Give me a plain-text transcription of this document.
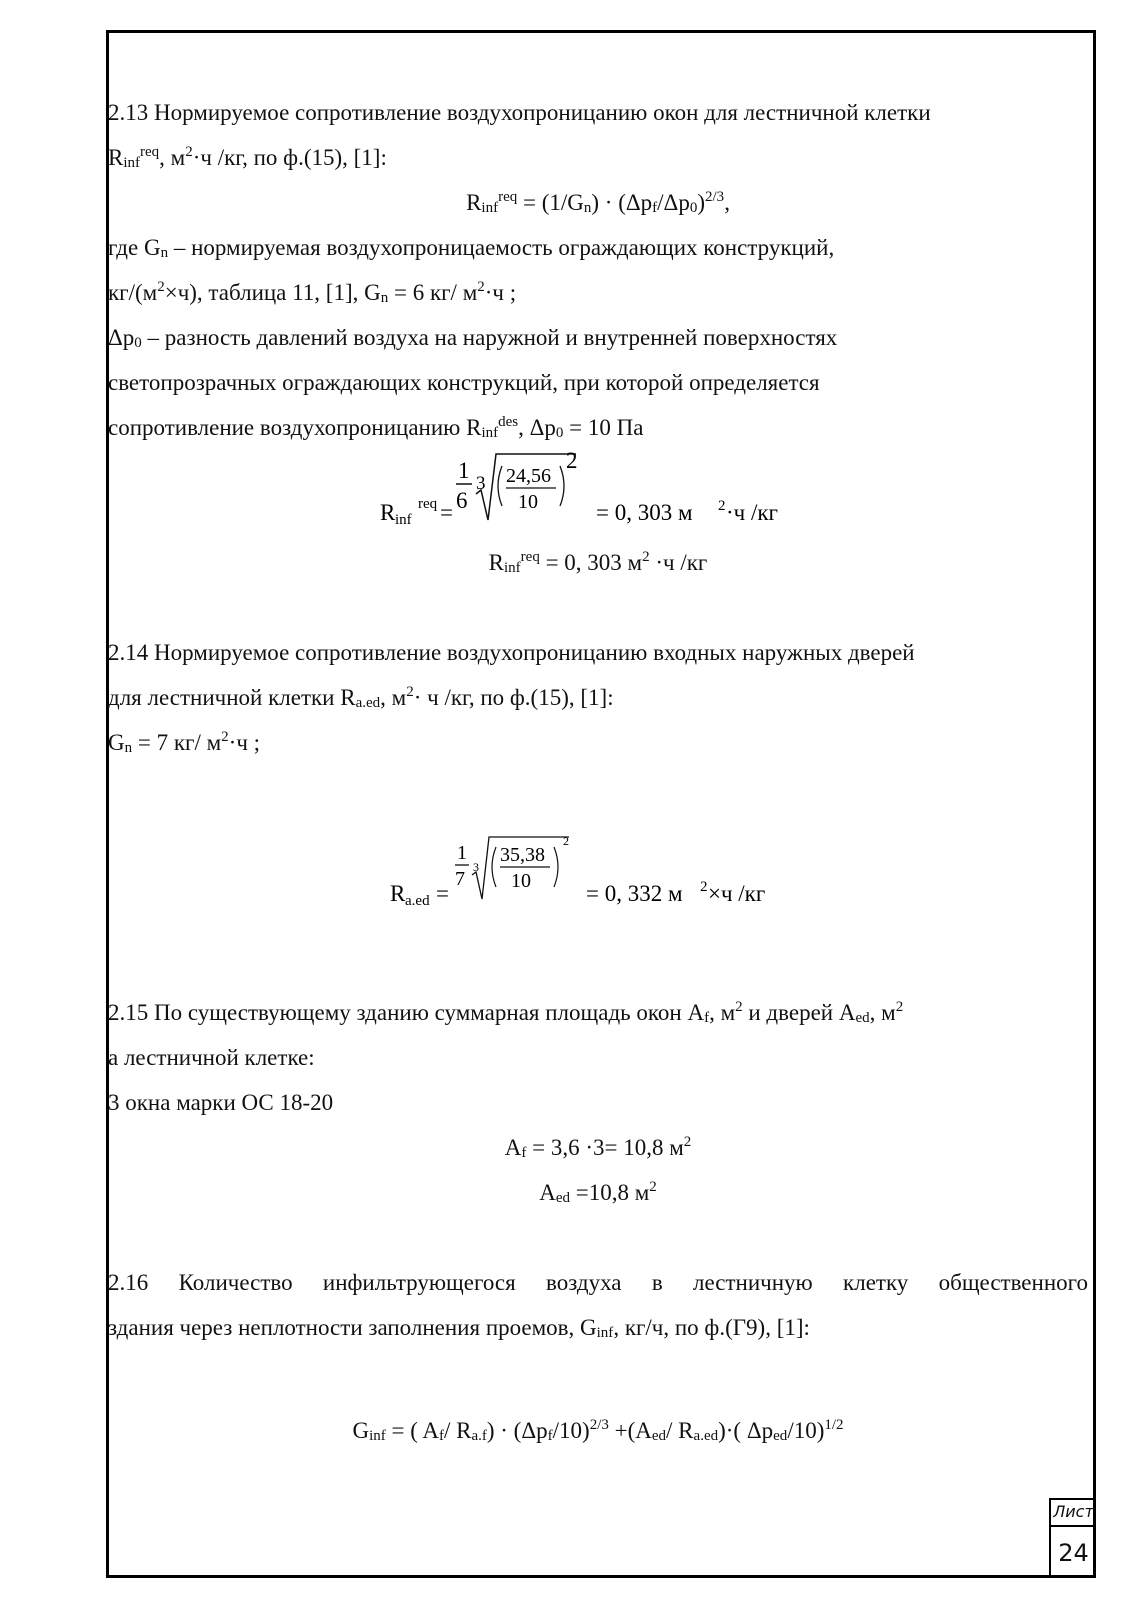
2.13 Нормируемое сопротивление воздухопроницанию окон для лестничной клетки
$R_{inf}^{req}$, $м^2\cdot ч$ /кг, по ф.(15), [1]:
$R_{inf}^{req} = (1/G_n) \cdot (\Delta p_f/\Delta p_0)^{2/3}$,
где $G_n$ – нормируемая воздухопроницаемость ограждающих конструкций,
$кг/(м^2\times ч)$, таблица 11, [1], $G_n = 6$ кг/ $м^2\cdot ч$ ;
$\Delta p_0$ – разность давлений воздуха на наружной и внутренней поверхностях
светопрозрачных ограждающих конструкций, при которой определяется
сопротивление воздухопроницанию $R_{inf}^{des}$, $\Delta p_0 = 10$ Па
R inf
req =
1
6
3 24,56
10
2
= 0, 303 м 2 ·ч /кг
$R_{inf}^{req} = 0$, 303 $м^2 \cdot ч$ /кг
2.14 Нормируемое сопротивление воздухопроницанию входных наружных дверей
для лестничной клетки $R_{a.ed}$, $м^2\cdot ч$ /кг, по ф.(15), [1]:
$G_n = 7$ кг/ $м^2\cdot ч$ ;
R a.ed =
1
7
3
35,38
10
2
= 0, 332 м 2 ×ч /кг
2.15 По существующему зданию суммарная площадь окон $A_f$, $м^2$ и дверей $A_{ed}$, $м^2$
а лестничной клетке:
3 окна марки ОС 18-20
$A_f = 3,6 \cdot 3= 10,8$ $м^2$
$A_{ed} =10,8$ $м^2$
2.16 Количество инфильтрующегося воздуха в лестничную клетку общественного
здания через неплотности заполнения проемов, $G_{inf}$, кг/ч, по ф.(Г9), [1]:
$G_{inf}$ = ( $A_f/$ $R_{a.f}) \cdot (\Delta p_f/10)^{2/3} +(A_{ed}/$ $R_{a.ed})\cdot$( $\Delta p_{ed}/10)^{1/2}$
Лист
24
